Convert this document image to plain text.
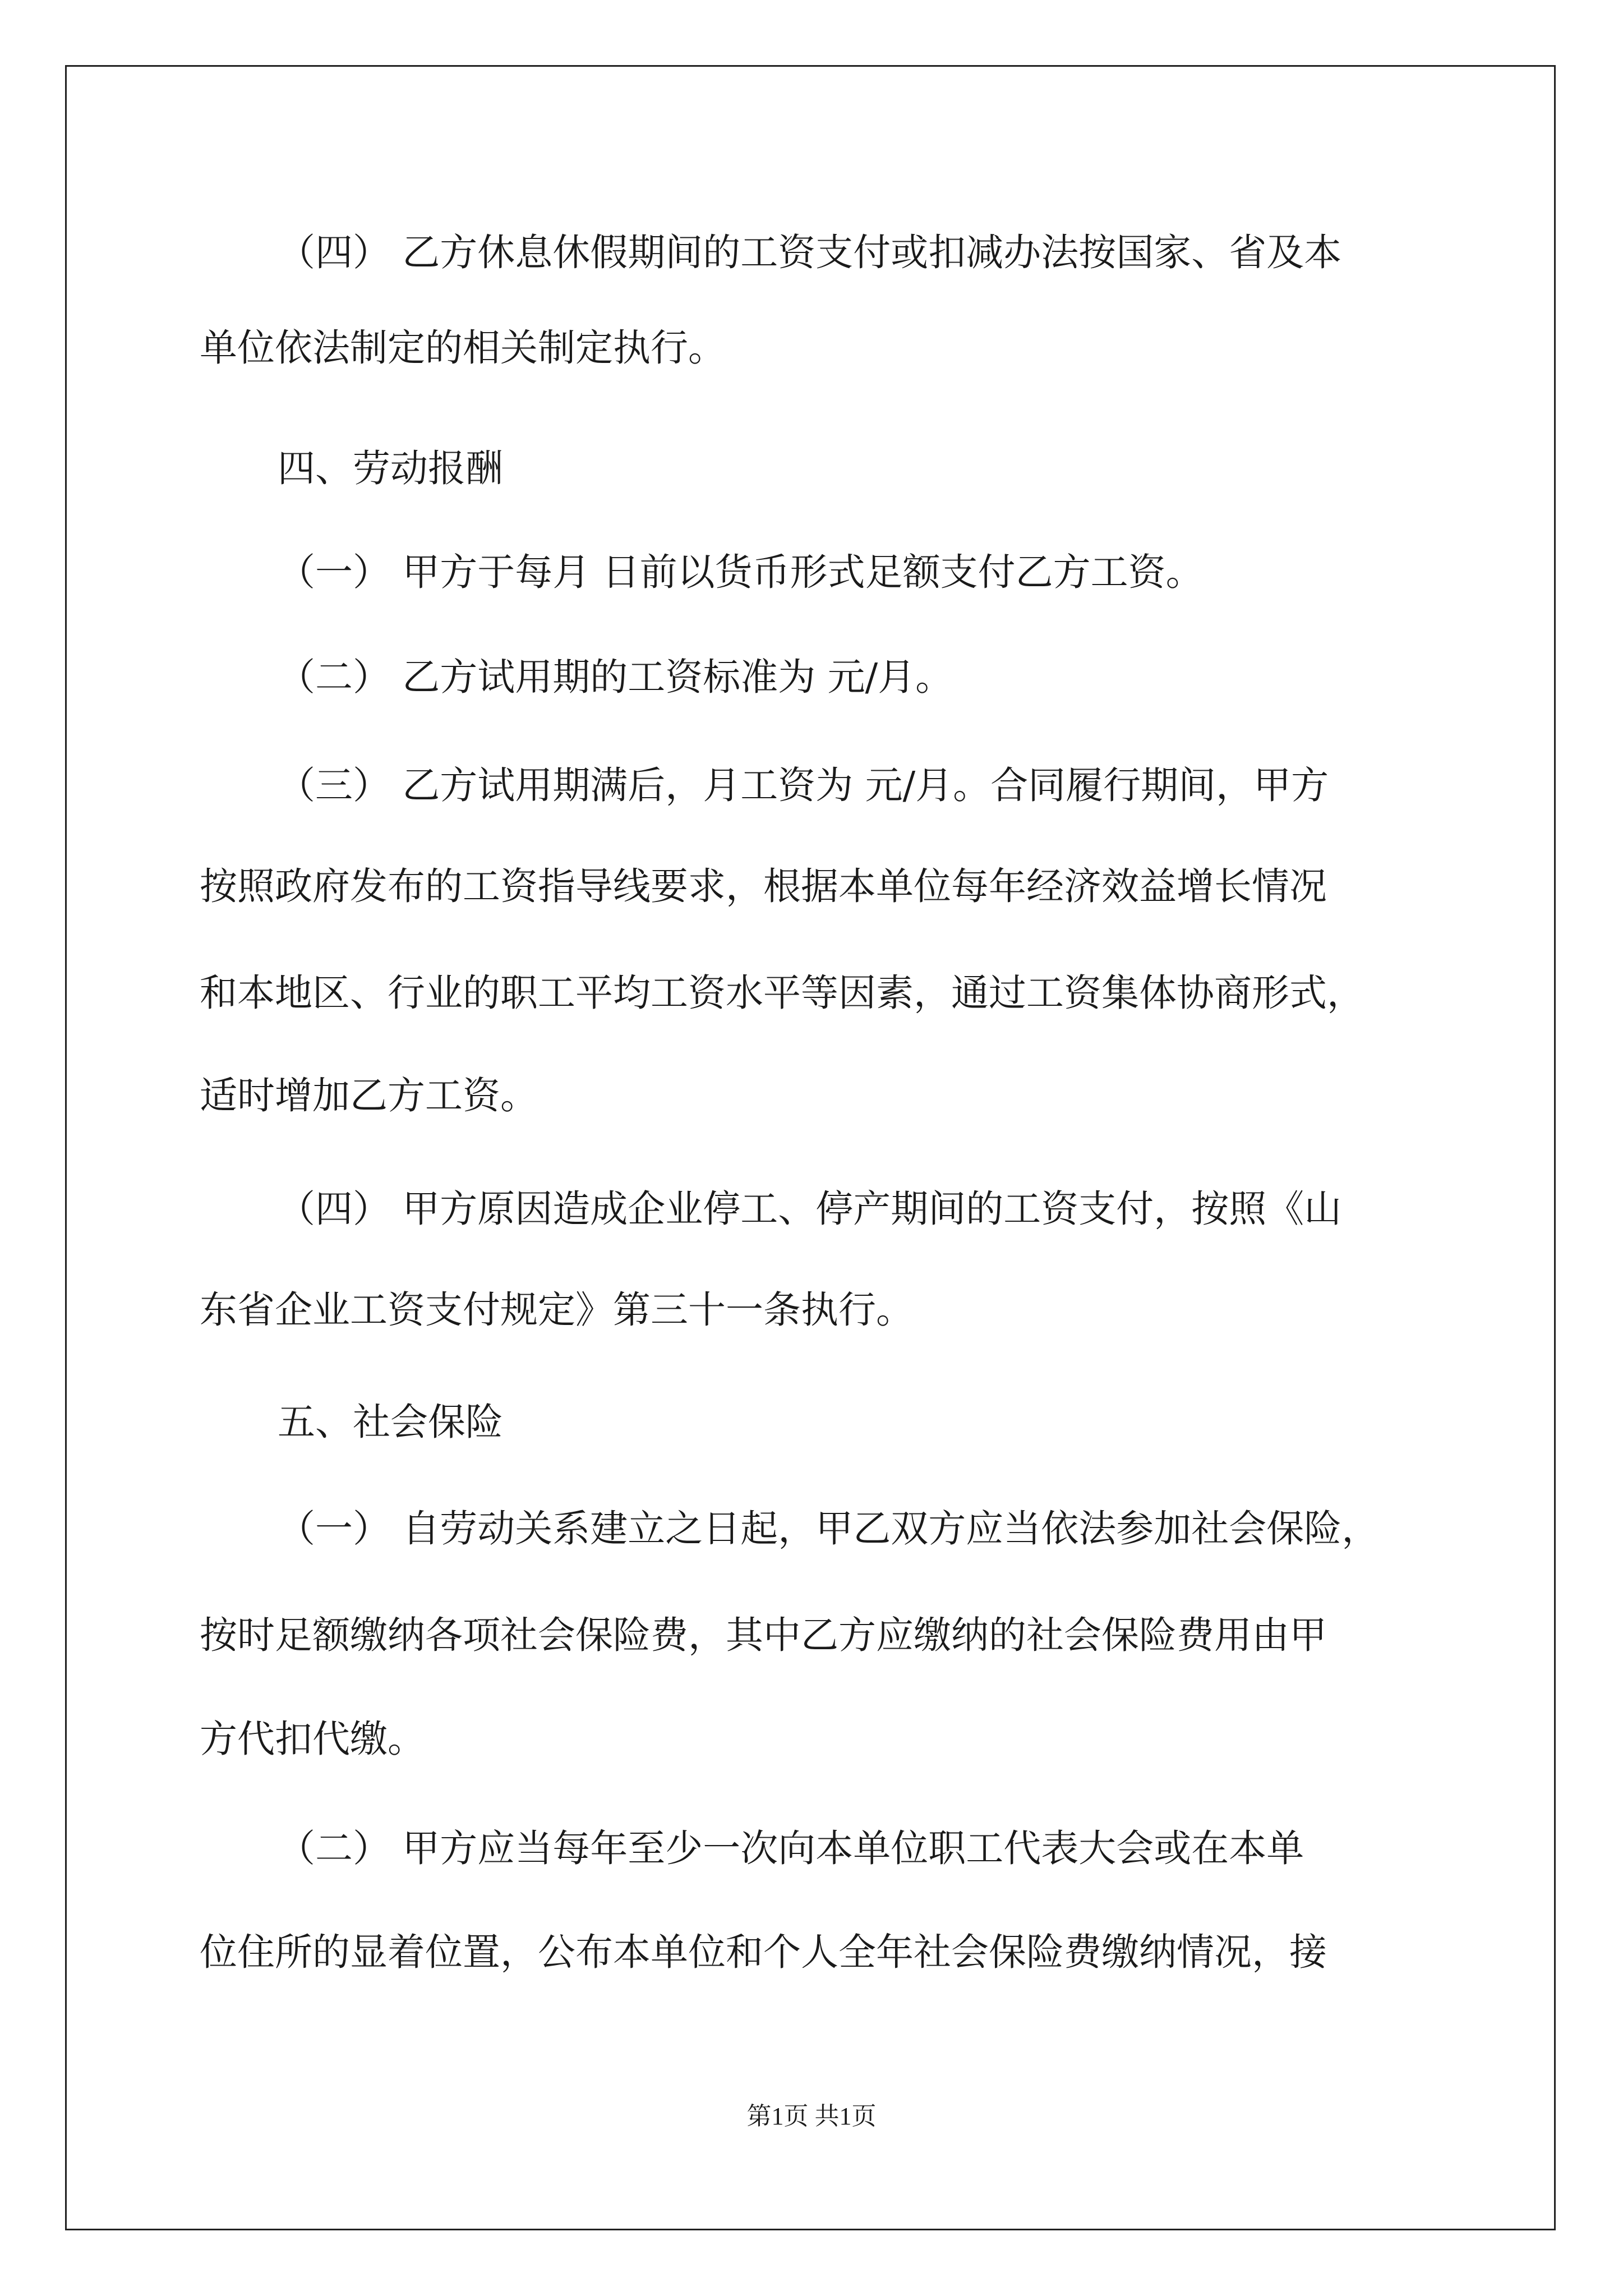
（四） 乙方休息休假期间的工资支付或扣减办法按国家、省及本
单位依法制定的相关制定执行。
四、劳动报酬
（一） 甲方于每月 日前以货币形式足额支付乙方工资。
（二） 乙方试用期的工资标准为 元/月。
（三） 乙方试用期满后，月工资为 元/月。合同履行期间，甲方
按照政府发布的工资指导线要求，根据本单位每年经济效益增长情况
和本地区、行业的职工平均工资水平等因素，通过工资集体协商形式，
适时增加乙方工资。
（四） 甲方原因造成企业停工、停产期间的工资支付，按照《山
东省企业工资支付规定》第三十一条执行。
五、社会保险
（一） 自劳动关系建立之日起，甲乙双方应当依法参加社会保险，
按时足额缴纳各项社会保险费，其中乙方应缴纳的社会保险费用由甲
方代扣代缴。
（二） 甲方应当每年至少一次向本单位职工代表大会或在本单
位住所的显着位置，公布本单位和个人全年社会保险费缴纳情况，接
第1页 共1页
